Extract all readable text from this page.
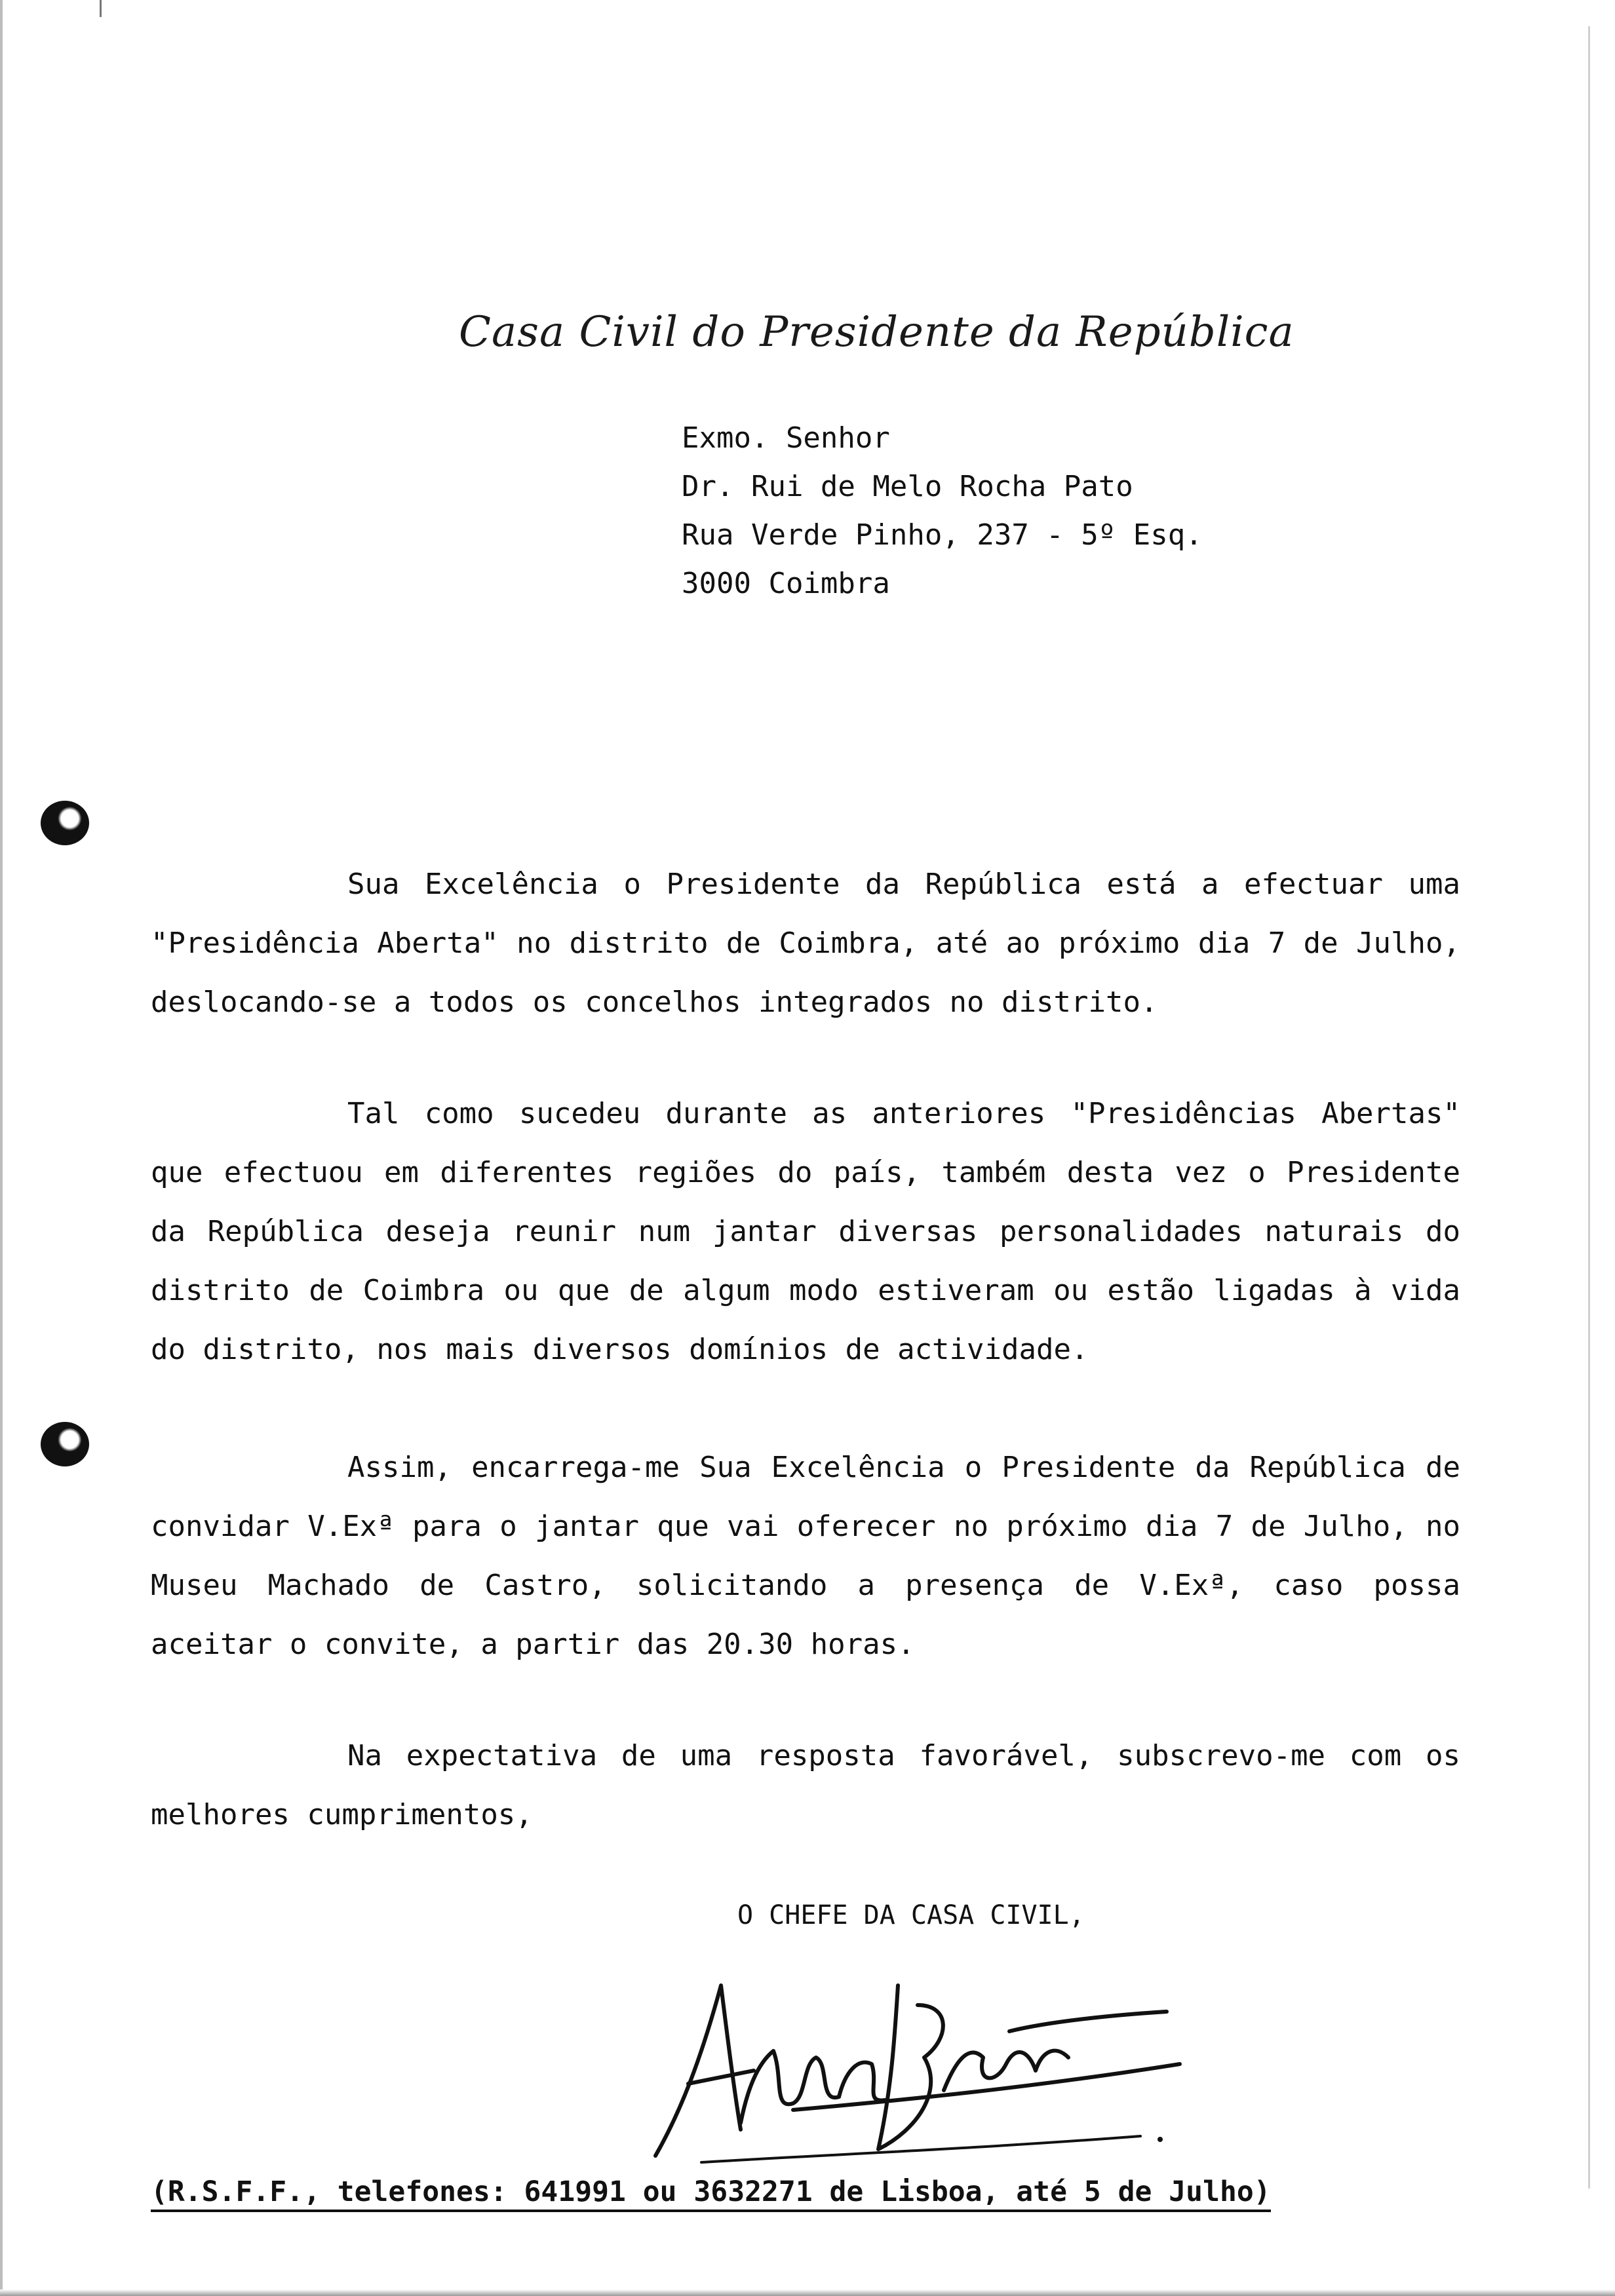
Casa Civil do Presidente da República
Exmo. Senhor
Dr. Rui de Melo Rocha Pato
Rua Verde Pinho, 237 - 5º Esq.
3000 Coimbra

Sua Excelência o Presidente da República está a efectuar uma "Presidência Aberta" no distrito de Coimbra, até ao próximo dia 7 de Julho, deslocando-se a todos os concelhos integrados no distrito.

Tal como sucedeu durante as anteriores "Presidências Abertas" que efectuou em diferentes regiões do país, também desta vez o Presidente da República deseja reunir num jantar diversas personalidades naturais do distrito de Coimbra ou que de algum modo estiveram ou estão ligadas à vida do distrito, nos mais diversos domínios de actividade.

Assim, encarrega-me Sua Excelência o Presidente da República de convidar V.Exª para o jantar que vai oferecer no próximo dia 7 de Julho, no Museu Machado de Castro, solicitando a presença de V.Exª, caso possa aceitar o convite, a partir das 20.30 horas.

Na expectativa de uma resposta favorável, subscrevo-me com os melhores cumprimentos,

O CHEFE DA CASA CIVIL,
(R.S.F.F., telefones: 641991 ou 3632271 de Lisboa, até 5 de Julho)
